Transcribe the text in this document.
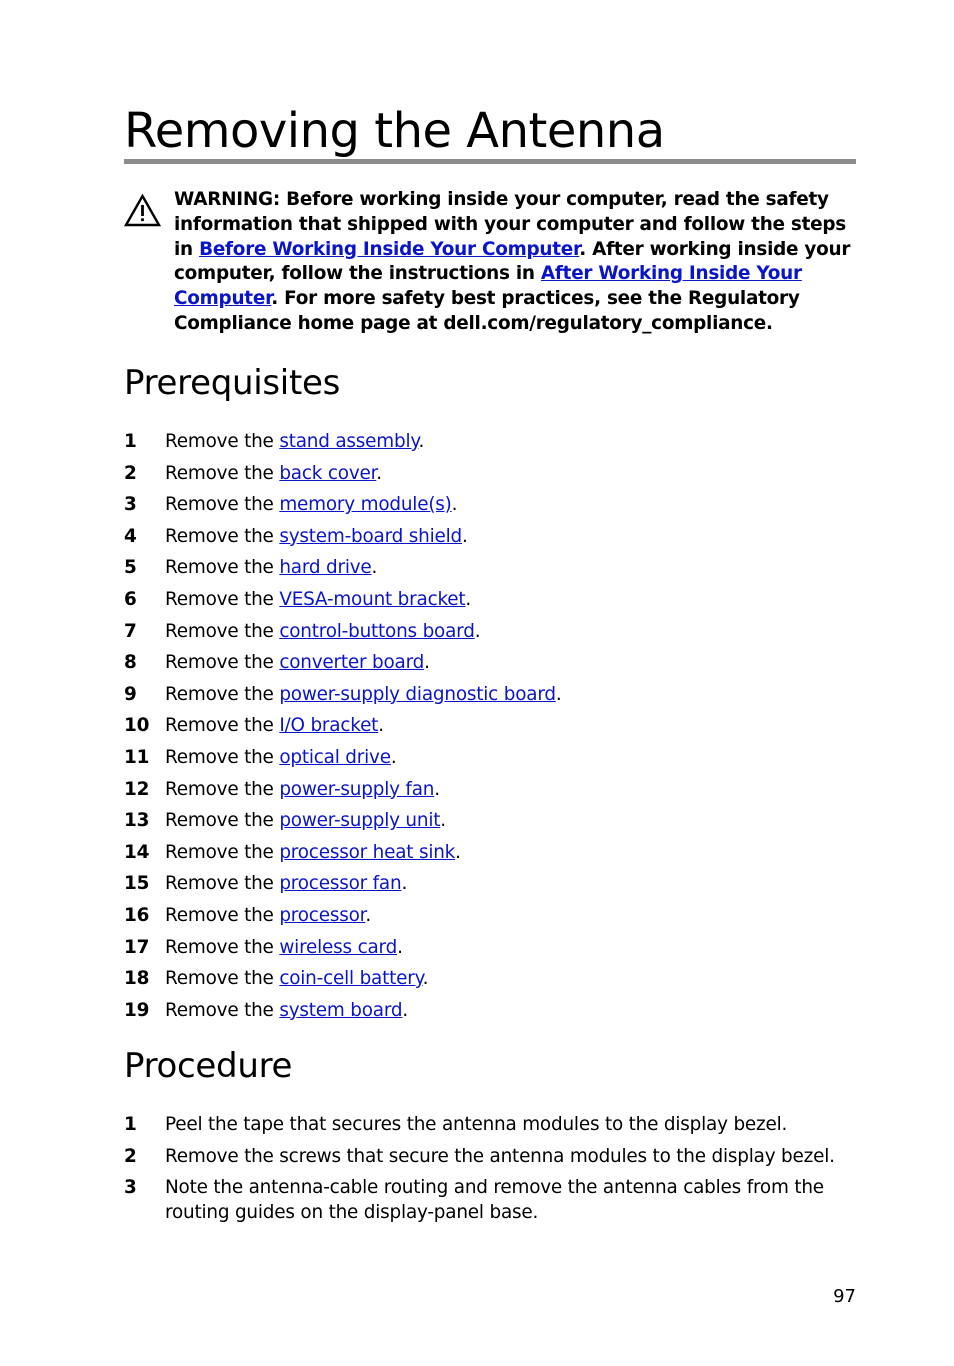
Removing the Antenna
WARNING: Before working inside your computer, read the safety information that shipped with your computer and follow the steps in Before Working Inside Your Computer. After working inside your computer, follow the instructions in After Working Inside Your Computer. For more safety best practices, see the Regulatory Compliance home page at dell.com/regulatory_compliance.
Prerequisites
1	Remove the stand assembly.
2	Remove the back cover.
3	Remove the memory module(s).
4	Remove the system-board shield.
5	Remove the hard drive.
6	Remove the VESA-mount bracket.
7	Remove the control-buttons board.
8	Remove the converter board.
9	Remove the power-supply diagnostic board.
10 Remove the I/O bracket.
11 Remove the optical drive.
12 Remove the power-supply fan.
13 Remove the power-supply unit.
14 Remove the processor heat sink.
15 Remove the processor fan.
16 Remove the processor.
17 Remove the wireless card.
18 Remove the coin-cell battery.
19 Remove the system board.
Procedure
1	Peel the tape that secures the antenna modules to the display bezel.
2	Remove the screws that secure the antenna modules to the display bezel.
3	Note the antenna-cable routing and remove the antenna cables from the routing guides on the display-panel base.
97
